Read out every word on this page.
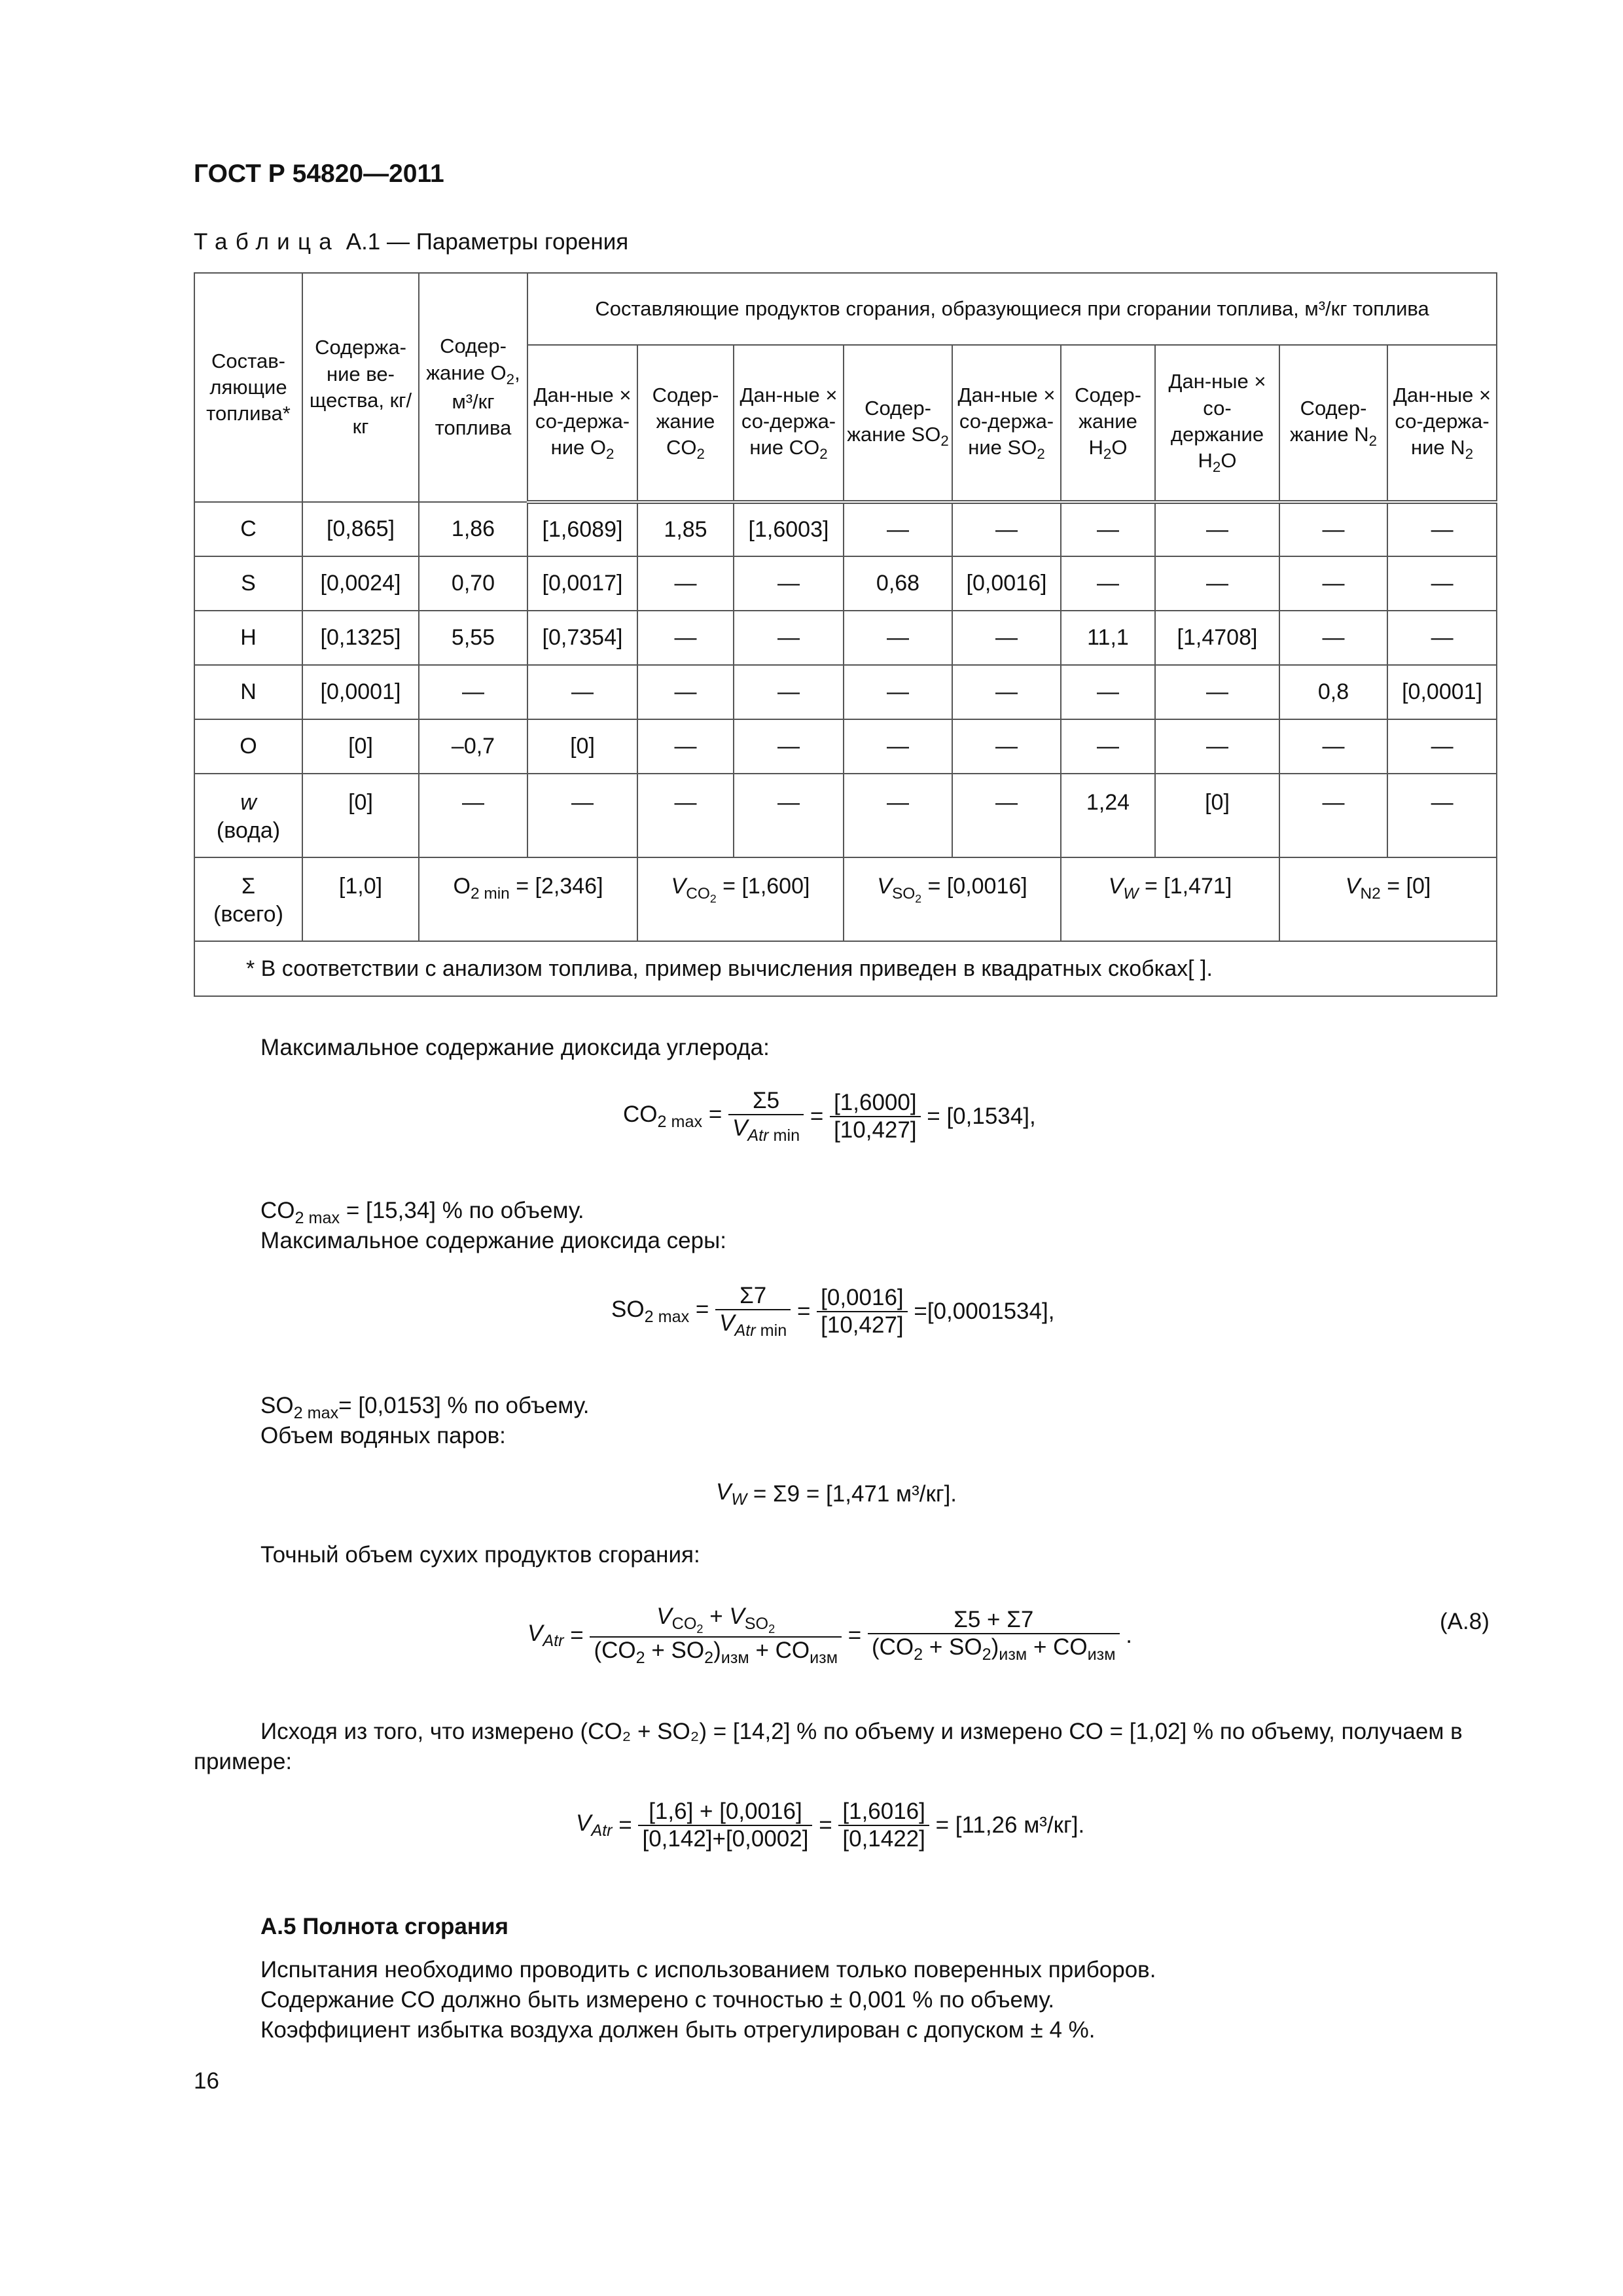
ГОСТ Р 54820—2011
Таблица А.1 — Параметры горения
Состав-ляющие топлива*	Содержа-ние ве-щества, кг/кг	Содер-жание $O_2$, м³/кг топлива	Составляющие продуктов сгорания, образующиеся при сгорании топлива, м³/кг топлива								
			Дан-ные × со-держа-ние $O_2$	Содер-жание $CO_2$	Дан-ные × со-держа-ние $CO_2$	Содер-жание $SO_2$	Дан-ные × со-держа-ние $SO_2$	Содер-жание $H_2O$	Дан-ные × со-держание $H_2O$	Содер-жание $N_2$	Дан-ные × со-держа-ние $N_2$
C	[0,865]	1,86	[1,6089]	1,85	[1,6003]	—	—	—	—	—	—
S	[0,0024]	0,70	[0,0017]	—	—	0,68	[0,0016]	—	—	—	—
H	[0,1325]	5,55	[0,7354]	—	—	—	—	11,1	[1,4708]	—	—
N	[0,0001]	—	—	—	—	—	—	—	—	0,8	[0,0001]
O	[0]	–0,7	[0]	—	—	—	—	—	—	—	—
w
(вода)	[0]	—	—	—	—	—	—	1,24	[0]	—	—
Σ
(всего)	[1,0]	$O_{2 min} = [2,346]$		$V_{CO_2} = [1,600]$		$V_{SO_2} = [0,0016]$		$V_W = [1,471]$		$V_{N2} = [0]$	
* В соответствии с анализом топлива, пример вычисления приведен в квадратных скобках[ ].											
Максимальное содержание диоксида углерода:
$CO_{2 max} = \frac{\Sigma 5}{V_{Atr} _{min}} = \frac{[1,6000]}{[10,427]} = [0,1534]$,
$CO_{2 max} = [15,34]$ % по объему.
Максимальное содержание диоксида серы:
$SO_{2 max} = \frac{\Sigma 7}{V_{Atr} _{min}} = \frac{[0,0016]}{[10,427]} =[0,0001534]$,
$SO_{2 max}= [0,0153]$ % по объему.
Объем водяных паров:
$V_W = \Sigma 9 = [1,471$ м³/кг].
Точный объем сухих продуктов сгорания:
$V_{Atr} = \frac{V_{CO_2} + V_{SO_2}}{(CO_2 + SO_2)_{изм} + CO_{изм}} = \frac{\Sigma 5 + \Sigma 7}{(CO_2 + SO_2)_{изм} + CO_{изм}}$ .
(А.8)
Исходя из того, что измерено (CO₂ + SO₂) = [14,2] % по объему и измерено CO = [1,02] % по объему, получаем в
примере:
$V_{Atr} = \frac{[1,6] + [0,0016]}{[0,142]+[0,0002]} = \frac{[1,6016]}{[0,1422]} = [11,26$ м³/кг].
А.5 Полнота сгорания
Испытания необходимо проводить с использованием только поверенных приборов.
Содержание CO должно быть измерено с точностью ± 0,001 % по объему.
Коэффициент избытка воздуха должен быть отрегулирован с допуском ± 4 %.
16
